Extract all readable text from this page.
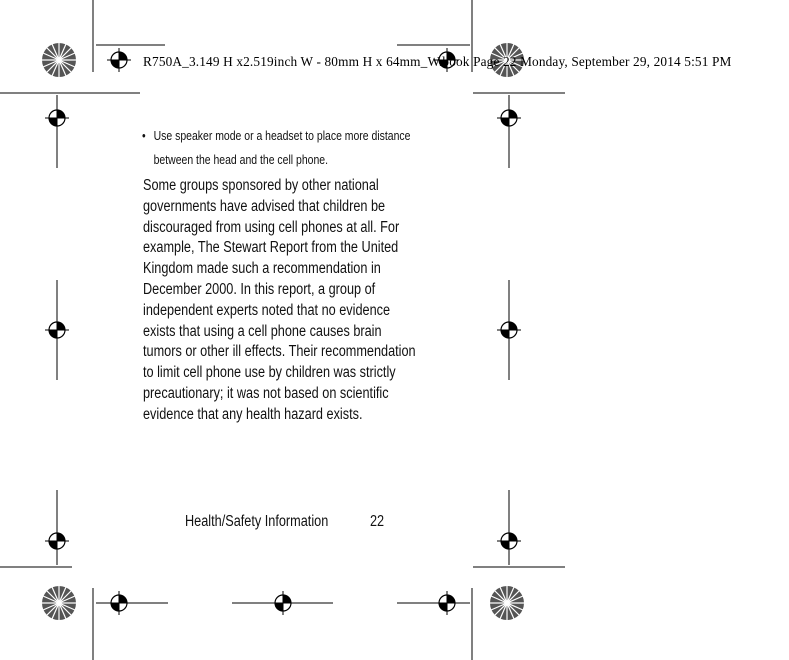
R750A_3.149 H x2.519inch W - 80mm H x 64mm_W.book Page 22 Monday, September 29, 2014 5:51 PM
• Use speaker mode or a headset to place more distance between the head and the cell phone.
Some groups sponsored by other national governments have advised that children be discouraged from using cell phones at all. For example, The Stewart Report from the United Kingdom made such a recommendation in December 2000. In this report, a group of independent experts noted that no evidence exists that using a cell phone causes brain tumors or other ill effects. Their recommendation to limit cell phone use by children was strictly precautionary; it was not based on scientific evidence that any health hazard exists.
Health/Safety Information	22
